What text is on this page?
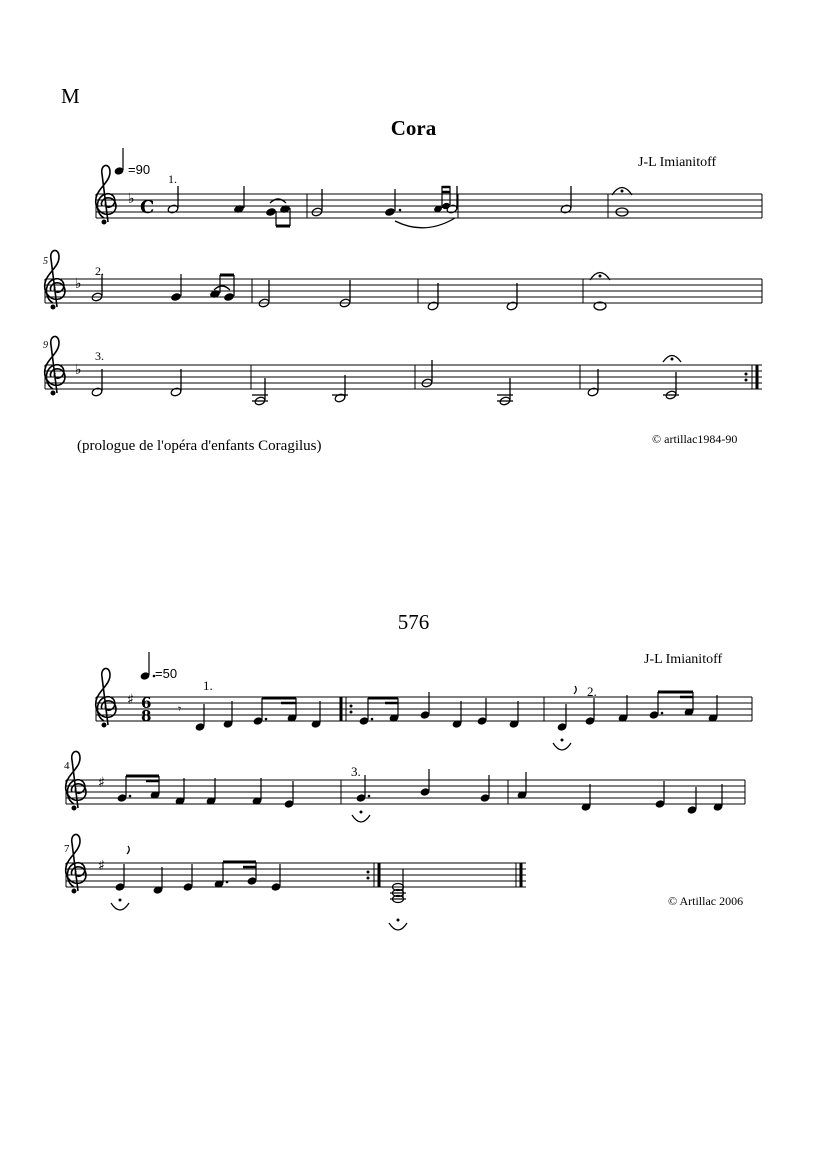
M
Cora
J-L Imianitoff
=90
(prologue de l'opéra d'enfants Coragilus)	© artillac1984-90
1.
2.
3.
5
9
576
J-L Imianitoff
=50
© Artillac 2006
1.	2.
3.
4
7
♭ C
♭
♭
♯ 6
8 𝄾
♯
♯
